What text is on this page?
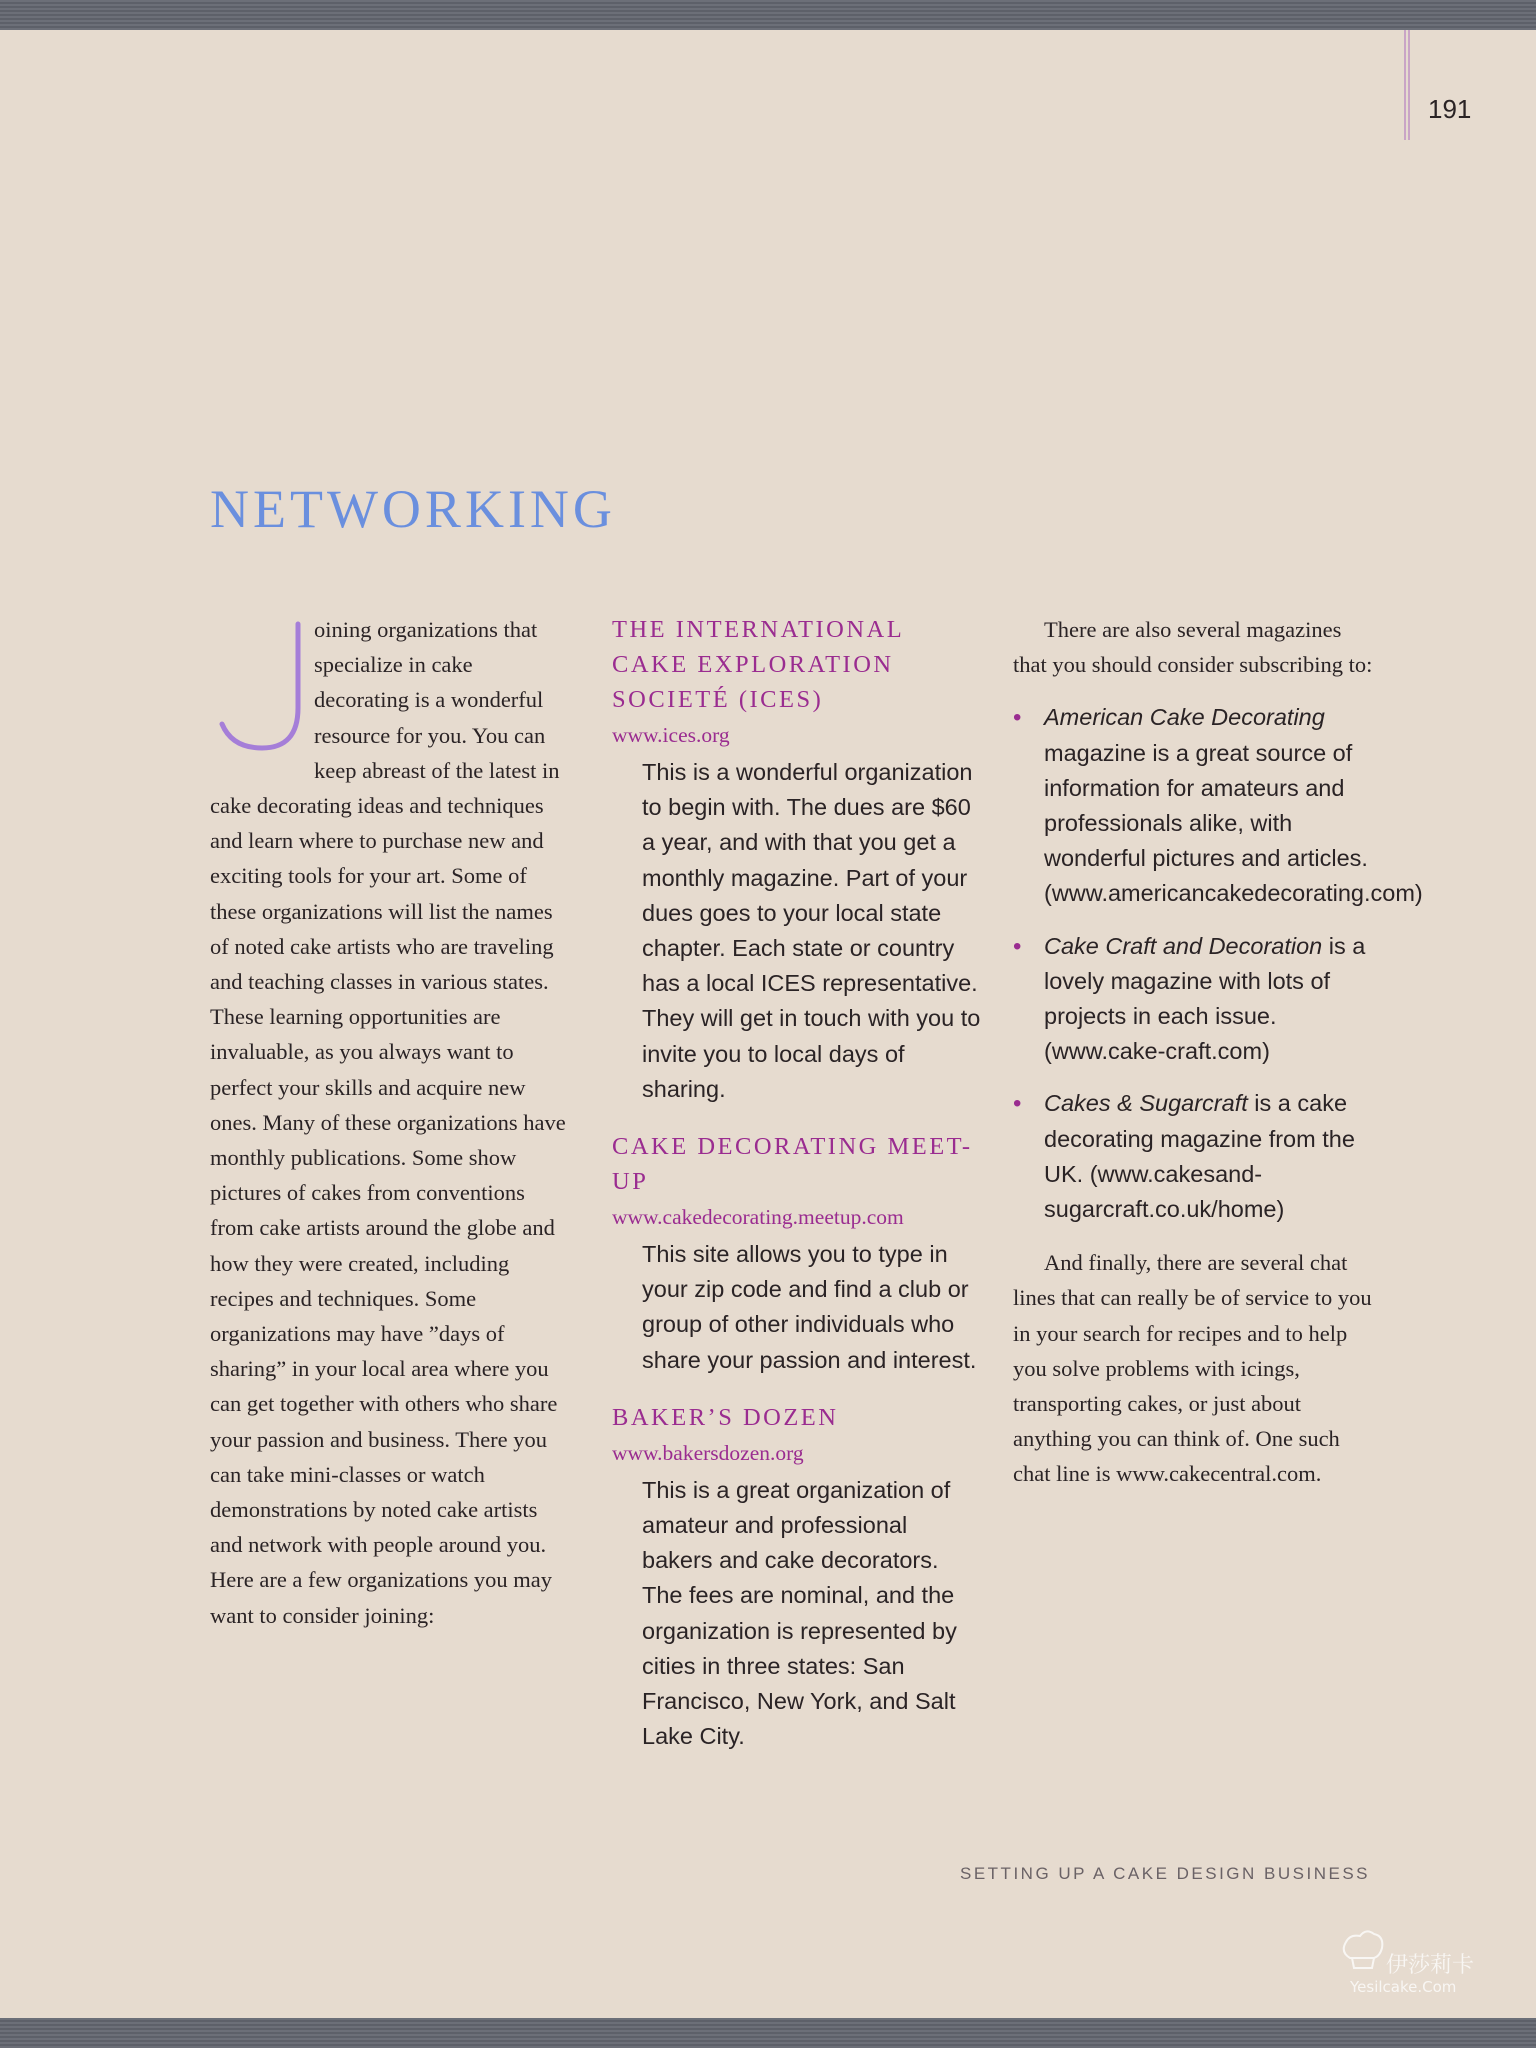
191
NETWORKING

oining organizations that specialize in cake decorating is a wonderful resource for you. You can keep abreast of the latest in cake decorating ideas and techniques and learn where to purchase new and exciting tools for your art. Some of these organizations will list the names of noted cake artists who are traveling and teaching classes in various states. These learning opportunities are invaluable, as you always want to perfect your skills and acquire new ones. Many of these organizations have monthly publications. Some show pictures of cakes from conventions from cake artists around the globe and how they were created, including recipes and techniques. Some organizations may have ”days of sharing” in your local area where you can get together with others who share your passion and business. There you can take mini-classes or watch demonstrations by noted cake artists and network with people around you. Here are a few organizations you may want to consider joining:

THE INTERNATIONAL CAKE EXPLORATION SOCIETÉ (ICES)
www.ices.org

This is a wonderful organization to begin with. The dues are $60 a year, and with that you get a monthly magazine. Part of your dues goes to your local state chapter. Each state or country has a local ICES representative. They will get in touch with you to invite you to local days of sharing.

CAKE DECORATING MEET-UP
www.cakedecorating.meetup.com

This site allows you to type in your zip code and find a club or group of other individuals who share your passion and interest.

BAKER’S DOZEN
www.bakersdozen.org

This is a great organization of amateur and professional bakers and cake decorators. The fees are nominal, and the organization is represented by cities in three states: San Francisco, New York, and Salt Lake City.

There are also several magazines that you should consider subscribing to:

• American Cake Decorating magazine is a great source of information for amateurs and professionals alike, with wonderful pictures and articles. (www.americancakedecorating.com)
• Cake Craft and Decoration is a lovely magazine with lots of projects in each issue. (www.cake-craft.com)
• Cakes & Sugarcraft is a cake decorating magazine from the UK. (www.cakesand-sugarcraft.co.uk/home)

And finally, there are several chat lines that can really be of service to you in your search for recipes and to help you solve problems with icings, transporting cakes, or just about anything you can think of. One such chat line is www.cakecentral.com.

SETTING UP A CAKE DESIGN BUSINESS
伊莎莉卡
Yesilcake.Com
